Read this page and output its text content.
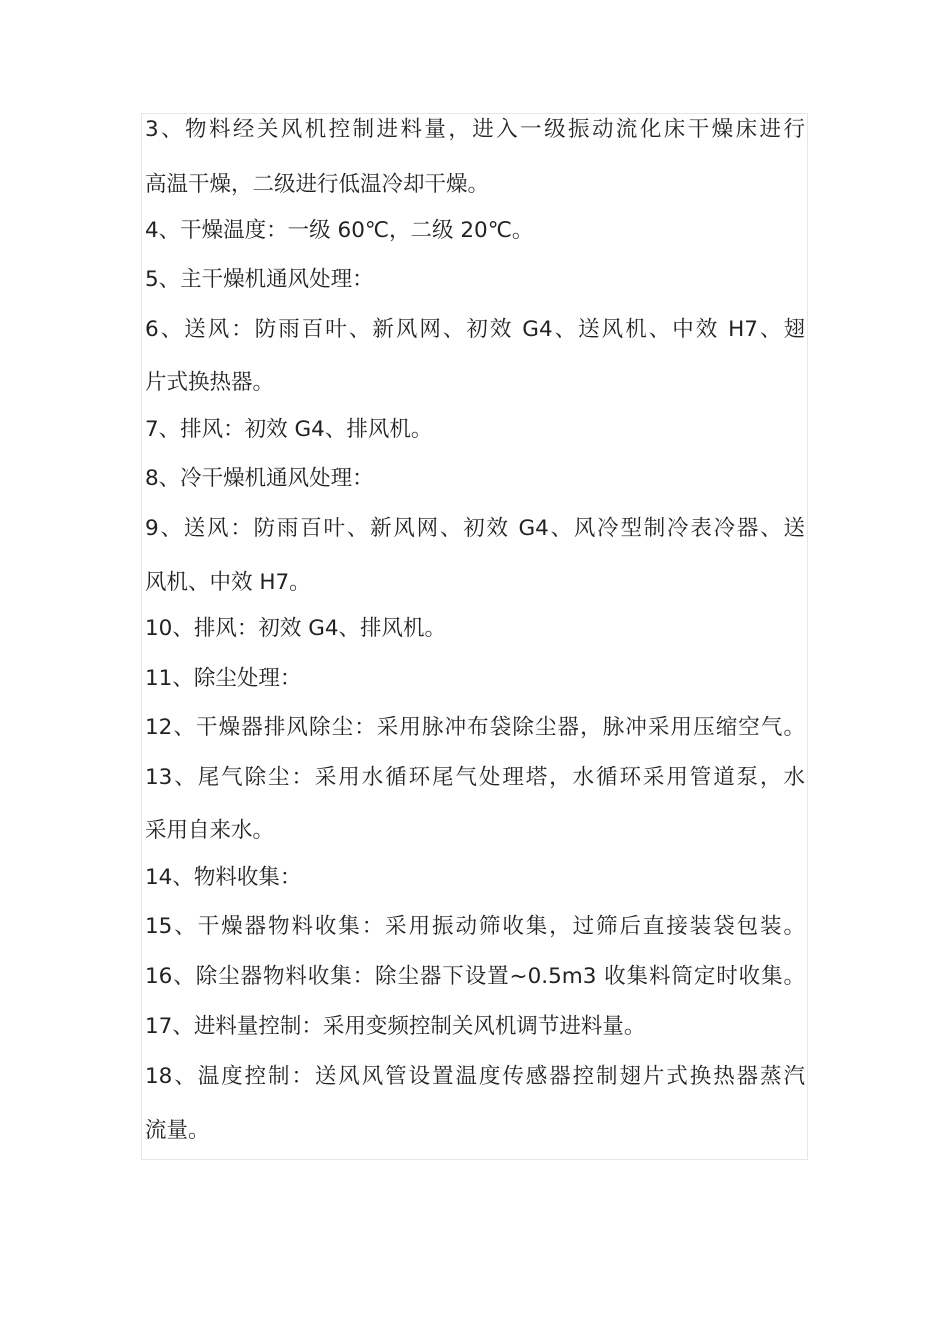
3、物料经关风机控制进料量，进入一级振动流化床干燥床进行
高温干燥，二级进行低温冷却干燥。
4、干燥温度：一级 60℃，二级 20℃。
5、主干燥机通风处理：
6、送风：防雨百叶、新风网、初效 G4、送风机、中效 H7、翅
片式换热器。
7、排风：初效 G4、排风机。
8、冷干燥机通风处理：
9、送风：防雨百叶、新风网、初效 G4、风冷型制冷表冷器、送
风机、中效 H7。
10、排风：初效 G4、排风机。
11、除尘处理：
12、干燥器排风除尘：采用脉冲布袋除尘器，脉冲采用压缩空气。
13、尾气除尘：采用水循环尾气处理塔，水循环采用管道泵，水
采用自来水。
14、物料收集：
15、干燥器物料收集：采用振动筛收集，过筛后直接装袋包装。
16、除尘器物料收集：除尘器下设置~0.5m3 收集料筒定时收集。
17、进料量控制：采用变频控制关风机调节进料量。
18、温度控制：送风风管设置温度传感器控制翅片式换热器蒸汽
流量。
